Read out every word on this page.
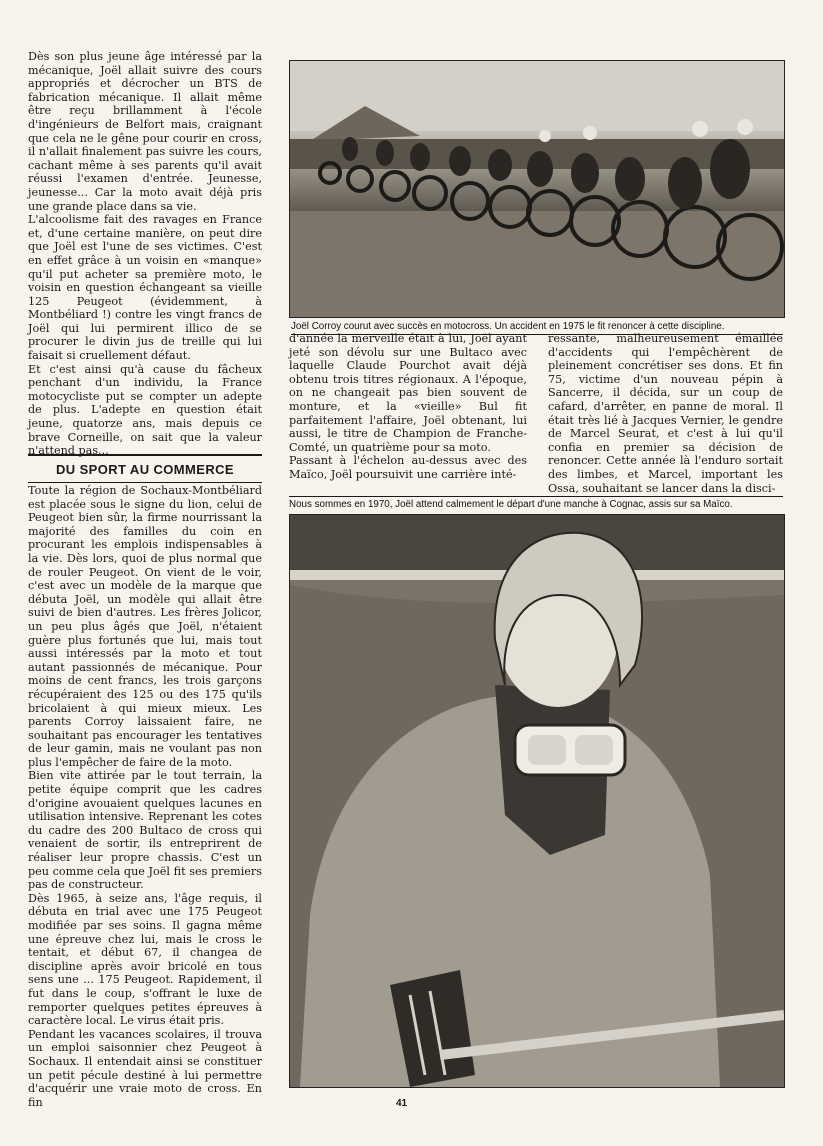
Dès son plus jeune âge intéressé par la mécanique, Joël allait suivre des cours appropriés et décrocher un BTS de fabrication mécanique. Il allait même être reçu brillamment à l'école d'ingénieurs de Belfort mais, craignant que cela ne le gêne pour courir en cross, il n'allait finalement pas suivre les cours, cachant même à ses parents qu'il avait réussi l'examen d'entrée. Jeunesse, jeunesse... Car la moto avait déjà pris une grande place dans sa vie.

L'alcoolisme fait des ravages en France et, d'une certaine manière, on peut dire que Joël est l'une de ses victimes. C'est en effet grâce à un voisin en «manque» qu'il put acheter sa première moto, le voisin en question échangeant sa vieille 125 Peugeot (évidemment, à Montbéliard !) contre les vingt francs de Joël qui lui permirent illico de se procurer le divin jus de treille qui lui faisait si cruellement défaut.

Et c'est ainsi qu'à cause du fâcheux penchant d'un individu, la France motocycliste put se compter un adepte de plus. L'adepte en question était jeune, quatorze ans, mais depuis ce brave Corneille, on sait que la valeur n'attend pas...

DU SPORT AU COMMERCE

Toute la région de Sochaux-Montbéliard est placée sous le signe du lion, celui de Peugeot bien sûr, la firme nourrissant la majorité des familles du coin en procurant les emplois indispensables à la vie. Dès lors, quoi de plus normal que de rouler Peugeot. On vient de le voir, c'est avec un modèle de la marque que débuta Joël, un modèle qui allait être suivi de bien d'autres. Les frères Jolicor, un peu plus âgés que Joël, n'étaient guère plus fortunés que lui, mais tout aussi intéressés par la moto et tout autant passionnés de mécanique. Pour moins de cent francs, les trois garçons récupéraient des 125 ou des 175 qu'ils bricolaient à qui mieux mieux. Les parents Corroy laissaient faire, ne souhaitant pas encourager les tentatives de leur gamin, mais ne voulant pas non plus l'empêcher de faire de la moto.

Bien vite attirée par le tout terrain, la petite équipe comprit que les cadres d'origine avouaient quelques lacunes en utilisation intensive. Reprenant les cotes du cadre des 200 Bultaco de cross qui venaient de sortir, ils entreprirent de réaliser leur propre chassis. C'est un peu comme cela que Joël fit ses premiers pas de constructeur.

Dès 1965, à seize ans, l'âge requis, il débuta en trial avec une 175 Peugeot modifiée par ses soins. Il gagna même une épreuve chez lui, mais le cross le tentait, et début 67, il changea de discipline après avoir bricolé en tous sens une ... 175 Peugeot. Rapidement, il fut dans le coup, s'offrant le luxe de remporter quelques petites épreuves à caractère local. Le virus était pris.

Pendant les vacances scolaires, il trouva un emploi saisonnier chez Peugeot à Sochaux. Il entendait ainsi se constituer un petit pécule destiné à lui permettre d'acquérir une vraie moto de cross. En fin

Joël Corroy courut avec succès en motocross. Un accident en 1975 le fit renoncer à cette discipline.

d'année la merveille était à lui, Joël ayant jeté son dévolu sur une Bultaco avec laquelle Claude Pourchot avait déjà obtenu trois titres régionaux. A l'époque, on ne changeait pas bien souvent de monture, et la «vieille» Bul fit parfaitement l'affaire, Joël obtenant, lui aussi, le titre de Champion de Franche-Comté, un quatrième pour sa moto.

Passant à l'échelon au-dessus avec des Maïco, Joël poursuivit une carrière inté-

ressante, malheureusement émaillée d'accidents qui l'empêchèrent de pleinement concrétiser ses dons. Et fin 75, victime d'un nouveau pépin à Sancerre, il décida, sur un coup de cafard, d'arrêter, en panne de moral. Il était très lié à Jacques Vernier, le gendre de Marcel Seurat, et c'est à lui qu'il confia en premier sa décision de renoncer. Cette année là l'enduro sortait des limbes, et Marcel, important les Ossa, souhaitant se lancer dans la disci-

Nous sommes en 1970, Joël attend calmement le départ d'une manche à Cognac, assis sur sa Maïco.
41
